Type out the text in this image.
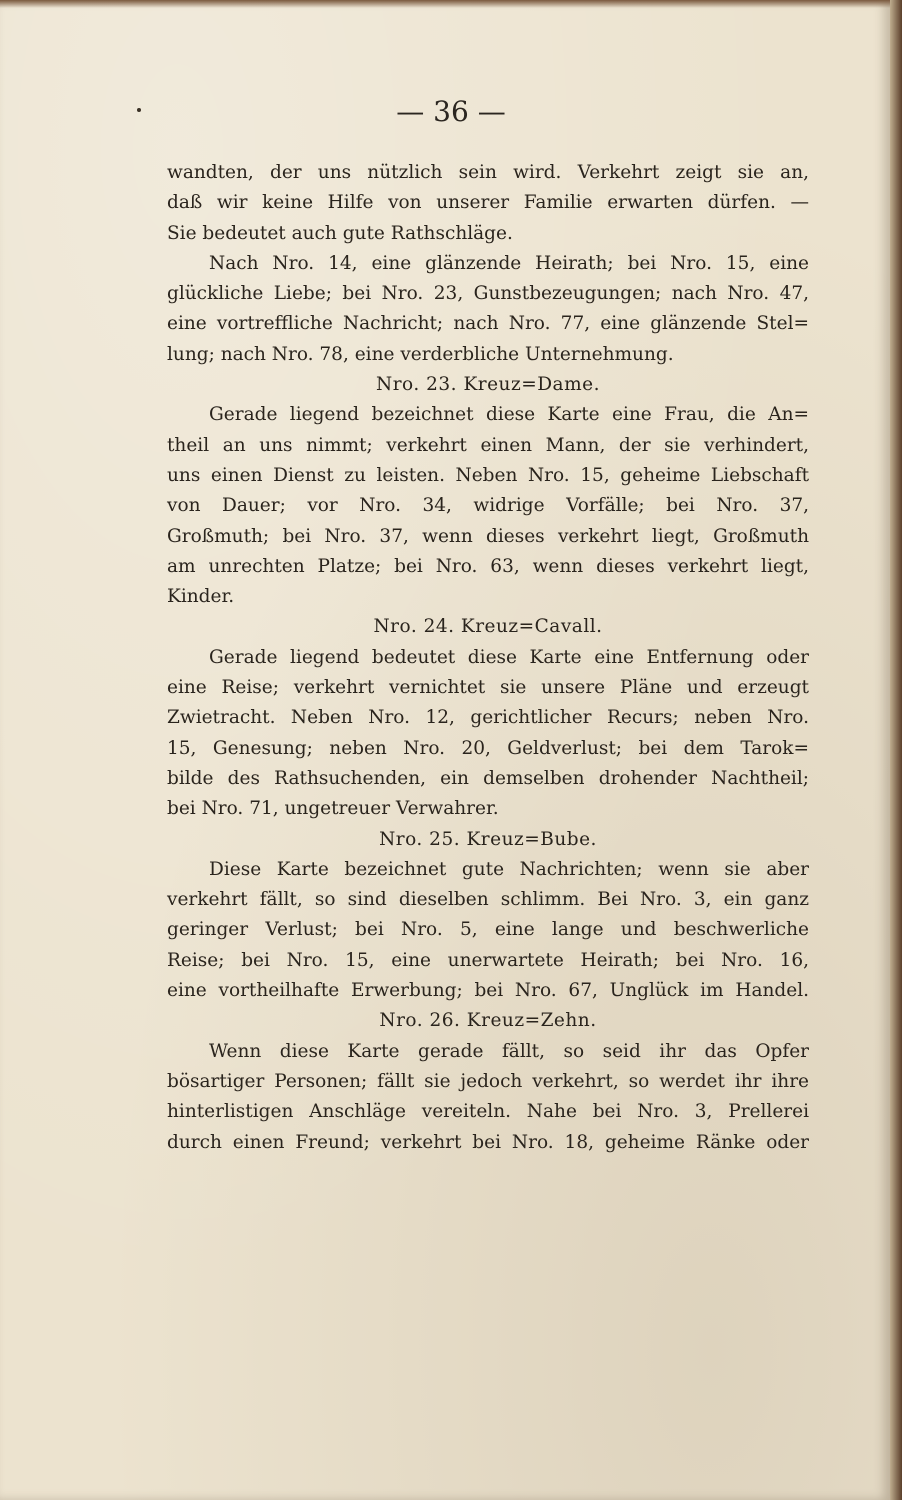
— 36 —
wandten, der uns nützlich sein wird. Verkehrt zeigt sie an,
daß wir keine Hilfe von unserer Familie erwarten dürfen. —
Sie bedeutet auch gute Rathschläge.
Nach Nro. 14, eine glänzende Heirath; bei Nro. 15, eine
glückliche Liebe; bei Nro. 23, Gunstbezeugungen; nach Nro. 47,
eine vortreffliche Nachricht; nach Nro. 77, eine glänzende Stel=
lung; nach Nro. 78, eine verderbliche Unternehmung.
Nro. 23. Kreuz=Dame.
Gerade liegend bezeichnet diese Karte eine Frau, die An=
theil an uns nimmt; verkehrt einen Mann, der sie verhindert,
uns einen Dienst zu leisten. Neben Nro. 15, geheime Liebschaft
von Dauer; vor Nro. 34, widrige Vorfälle; bei Nro. 37,
Großmuth; bei Nro. 37, wenn dieses verkehrt liegt, Großmuth
am unrechten Platze; bei Nro. 63, wenn dieses verkehrt liegt,
Kinder.
Nro. 24. Kreuz=Cavall.
Gerade liegend bedeutet diese Karte eine Entfernung oder
eine Reise; verkehrt vernichtet sie unsere Pläne und erzeugt
Zwietracht. Neben Nro. 12, gerichtlicher Recurs; neben Nro.
15, Genesung; neben Nro. 20, Geldverlust; bei dem Tarok=
bilde des Rathsuchenden, ein demselben drohender Nachtheil;
bei Nro. 71, ungetreuer Verwahrer.
Nro. 25. Kreuz=Bube.
Diese Karte bezeichnet gute Nachrichten; wenn sie aber
verkehrt fällt, so sind dieselben schlimm. Bei Nro. 3, ein ganz
geringer Verlust; bei Nro. 5, eine lange und beschwerliche
Reise; bei Nro. 15, eine unerwartete Heirath; bei Nro. 16,
eine vortheilhafte Erwerbung; bei Nro. 67, Unglück im Handel.
Nro. 26. Kreuz=Zehn.
Wenn diese Karte gerade fällt, so seid ihr das Opfer
bösartiger Personen; fällt sie jedoch verkehrt, so werdet ihr ihre
hinterlistigen Anschläge vereiteln. Nahe bei Nro. 3, Prellerei
durch einen Freund; verkehrt bei Nro. 18, geheime Ränke oder
